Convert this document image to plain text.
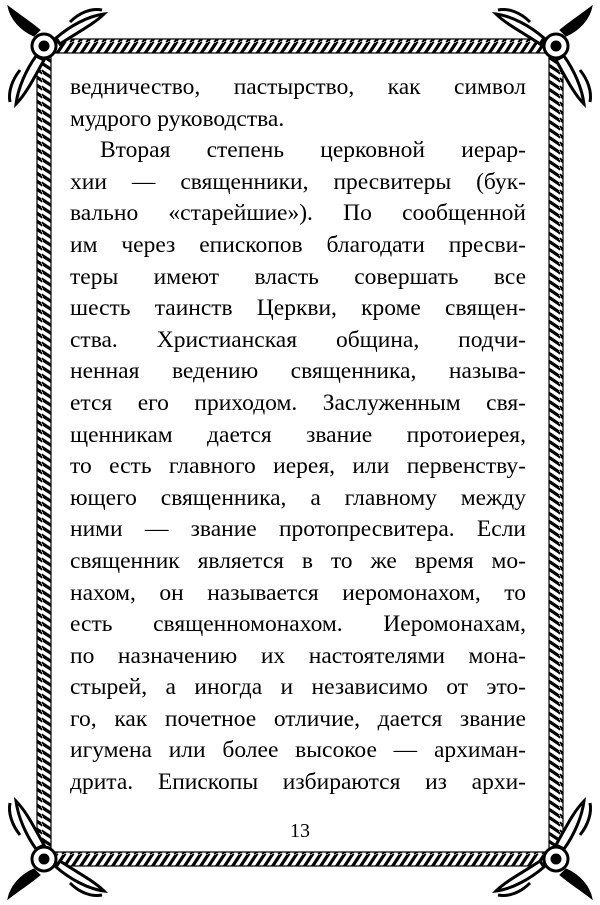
ведничество, пастырство, как символ
мудрого руководства.
Вторая степень церковной иерар-
хии — священники, пресвитеры (бук-
вально «старейшие»). По сообщенной
им через епископов благодати пресви-
теры имеют власть совершать все
шесть таинств Церкви, кроме священ-
ства. Христианская община, подчи-
ненная ведению священника, называ-
ется его приходом. Заслуженным свя-
щенникам дается звание протоиерея,
то есть главного иерея, или первенству-
ющего священника, а главному между
ними — звание протопресвитера. Если
священник является в то же время мо-
нахом, он называется иеромонахом, то
есть священномонахом. Иеромонахам,
по назначению их настоятелями мона-
стырей, а иногда и независимо от это-
го, как почетное отличие, дается звание
игумена или более высокое — архиман-
дрита. Епископы избираются из архи-
13
